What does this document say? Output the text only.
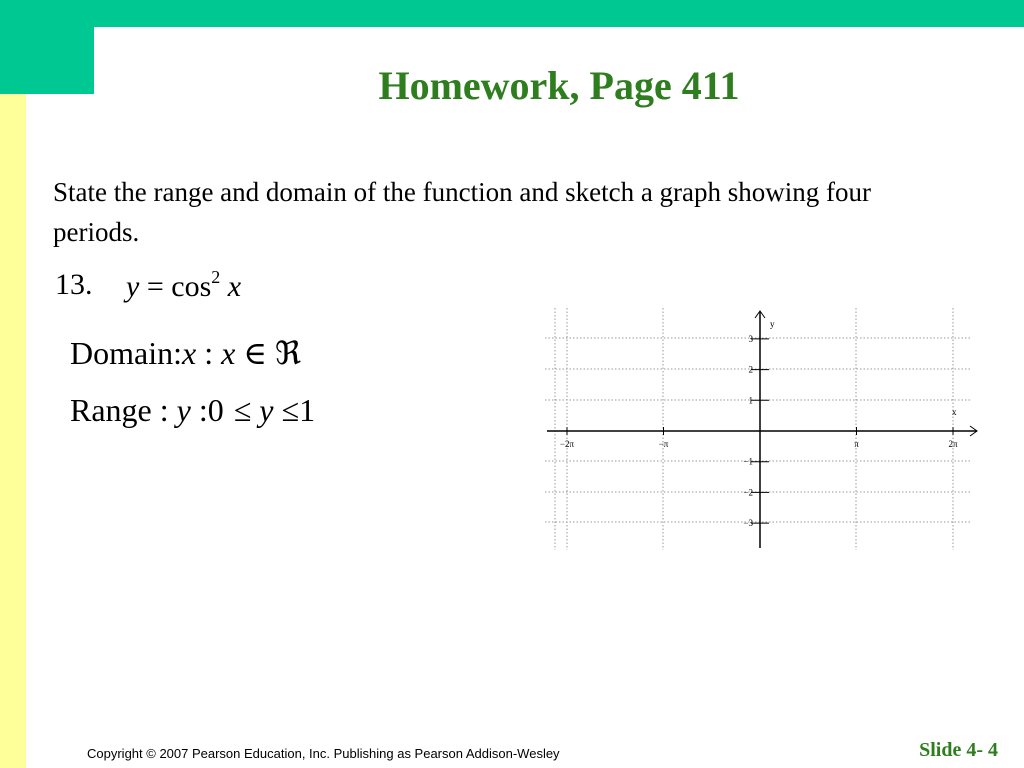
Homework, Page 411

State the range and domain of the function and sketch a graph showing four periods.

13. $y = \cos^2 x$
Domain:x : x ∈ ℜ
Range : y :0 ≤ y ≤1
−2π	−π	π	2π
3
2
1
−1
−2
−3
x
y
Copyright © 2007 Pearson Education, Inc. Publishing as Pearson Addison-Wesley	Slide 4- 4
